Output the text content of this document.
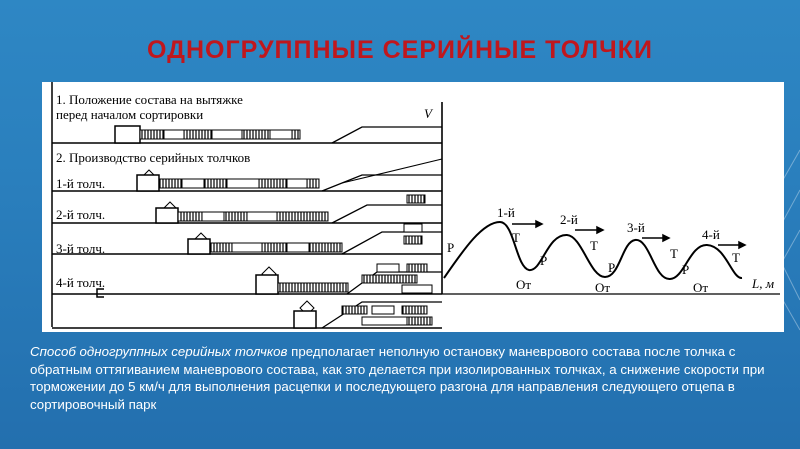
ОДНОГРУППНЫЕ СЕРИЙНЫЕ ТОЛЧКИ
1. Положение состава на вытяжке
перед началом сортировки
2. Производство серийных толчков
1-й толч.
2-й толч.
3-й толч.
4-й толч.
V
L, м
Р
Т
Р
От
Т
Р
От
Т
Р
От
Т
1-й	2-й
3-й	4-й
Способ одногруппных серийных толчков предполагает неполную остановку маневрового состава после толчка с обратным оттягиванием маневрового состава, как это делается при изолированных толчках, а снижение скорости при торможении до 5 км/ч для выполнения расцепки и последующего разгона для направления следующего отцепа в сортировочный парк
